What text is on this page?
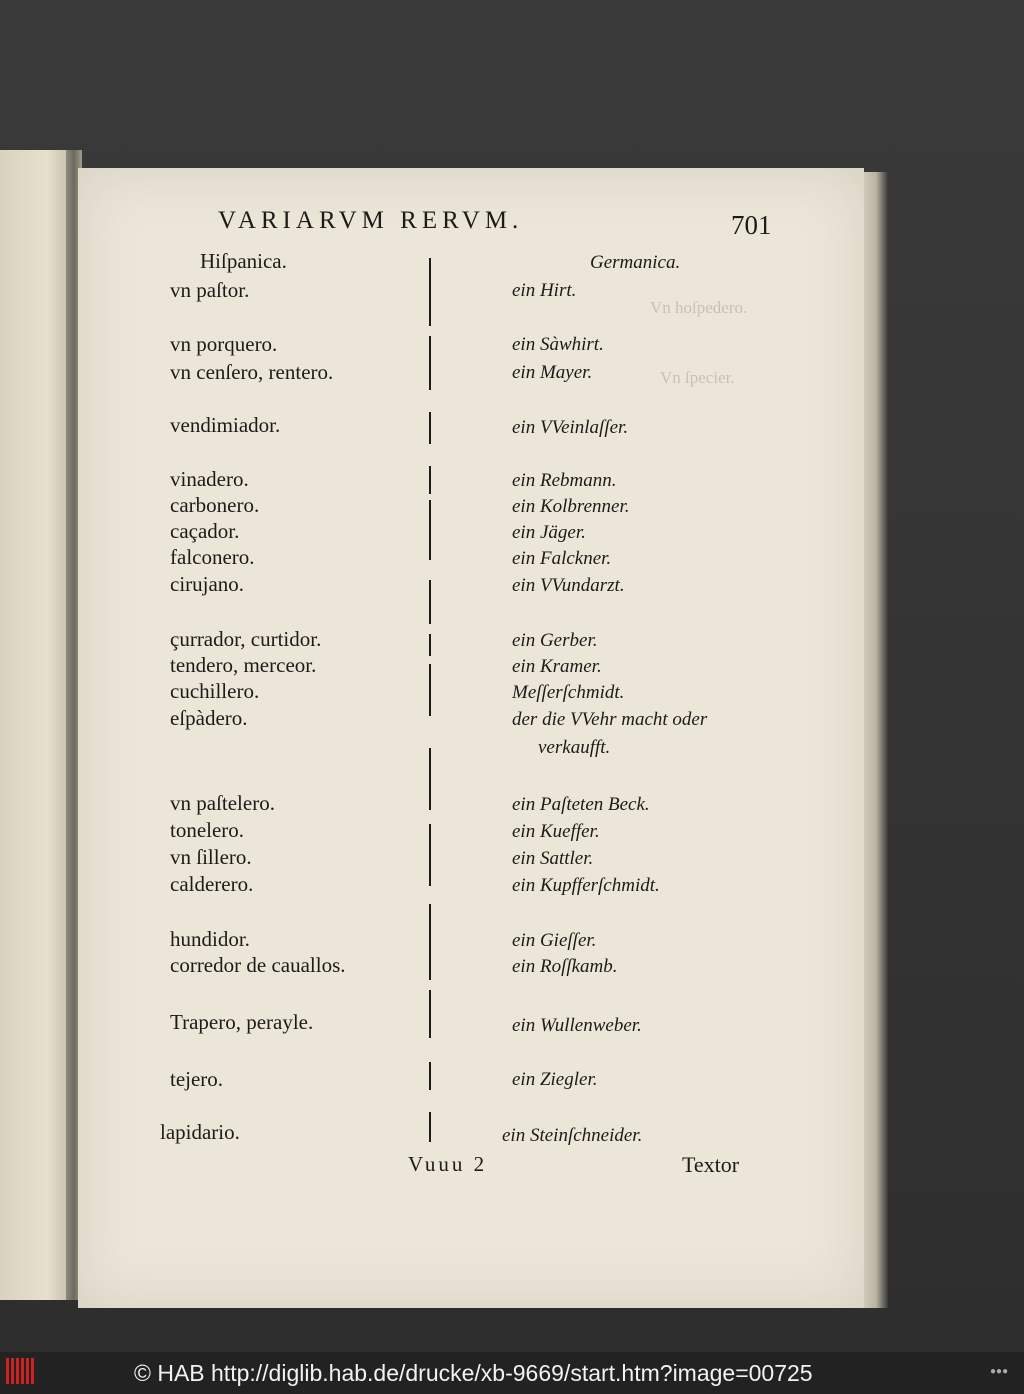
VARIARVM RERVM.	701
Hiſpanica.	Germanica.
Vn hoſpedero.
Vn ſpecier.
vn paſtor.	ein Hirt.
vn porquero.	ein Sàwhirt.
vn cenſero, rentero.	ein Mayer.
vendimiador.	ein VVeinlaſſer.
vinadero.	ein Rebmann.
carbonero.	ein Kolbrenner.
caçador.	ein Jäger.
falconero.	ein Falckner.
cirujano.	ein VVundarzt.
çurrador, curtidor.	ein Gerber.
tendero, merceor.	ein Kramer.
cuchillero.	Meſſerſchmidt.
eſpàdero.	der die VVehr macht oder
verkaufft.
vn paſtelero.	ein Paſteten Beck.
tonelero.	ein Kueffer.
vn ſillero.	ein Sattler.
calderero.	ein Kupfferſchmidt.
hundidor.	ein Gieſſer.
corredor de cauallos.	ein Roſſkamb.
Trapero, perayle.	ein Wullenweber.
tejero.	ein Ziegler.
lapidario.	ein Steinſchneider.
Vuuu 2	Textor
© HAB http://diglib.hab.de/drucke/xb-9669/start.htm?image=00725	●●●
